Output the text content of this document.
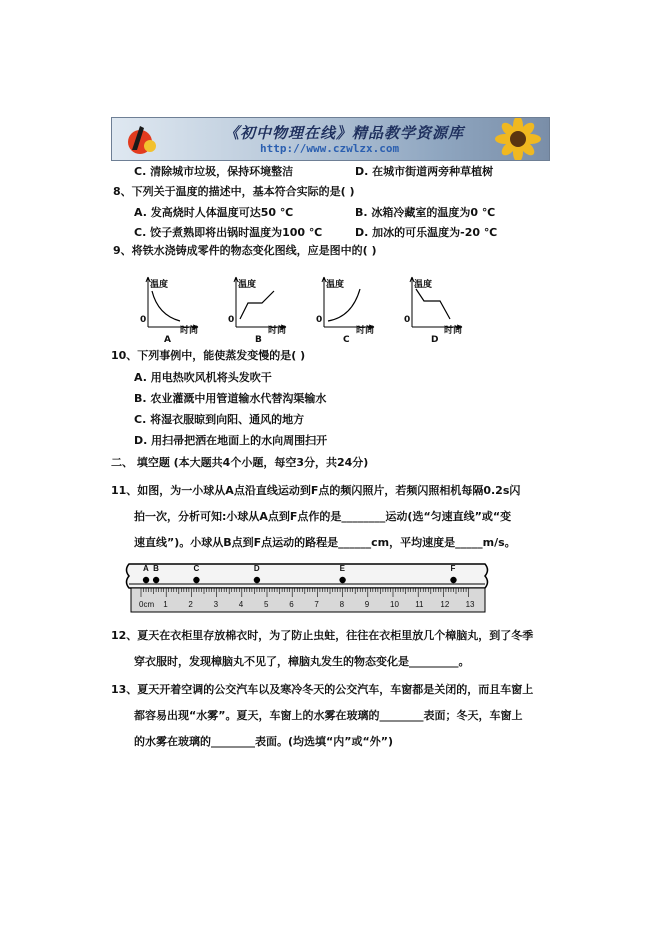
《初中物理在线》精品教学资源库
http://www.czwlzx.com
C. 清除城市垃圾，保持环境整洁	D. 在城市街道两旁种草植树
8、下列关于温度的描述中，基本符合实际的是( )
A. 发高烧时人体温度可达50 ℃	B. 冰箱冷藏室的温度为0 ℃
C. 饺子煮熟即将出锅时温度为100 ℃	D. 加冰的可乐温度为-20 ℃
9、将铁水浇铸成零件的物态变化图线，应是图中的( )
温度
0
时间
A
温度
0
时间
B
温度
0
时间
C
温度
0
时间
D
10、下列事例中，能使蒸发变慢的是( )
A. 用电热吹风机将头发吹干
B. 农业灌溉中用管道输水代替沟渠输水
C. 将湿衣服晾到向阳、通风的地方
D. 用扫帚把洒在地面上的水向周围扫开
二、 填空题 (本大题共4个小题，每空3分，共24分)
11、如图，为一小球从A点沿直线运动到F点的频闪照片，若频闪照相机每隔0.2s闪
拍一次，分析可知:小球从A点到F点作的是________运动(选“匀速直线”或“变
速直线”)。小球从B点到F点运动的路程是______cm，平均速度是_____m/s。
0cm 1	2	3	4	5	6	7	8	9	10 11 12 13
A B	C	D	E	F
12、夏天在衣柜里存放棉衣时，为了防止虫蛀，往往在衣柜里放几个樟脑丸，到了冬季
穿衣服时，发现樟脑丸不见了，樟脑丸发生的物态变化是_________。
13、夏天开着空调的公交汽车以及寒冷冬天的公交汽车，车窗都是关闭的，而且车窗上
都容易出现“水雾”。夏天，车窗上的水雾在玻璃的________表面；冬天，车窗上
的水雾在玻璃的________表面。(均选填“内”或“外”)
